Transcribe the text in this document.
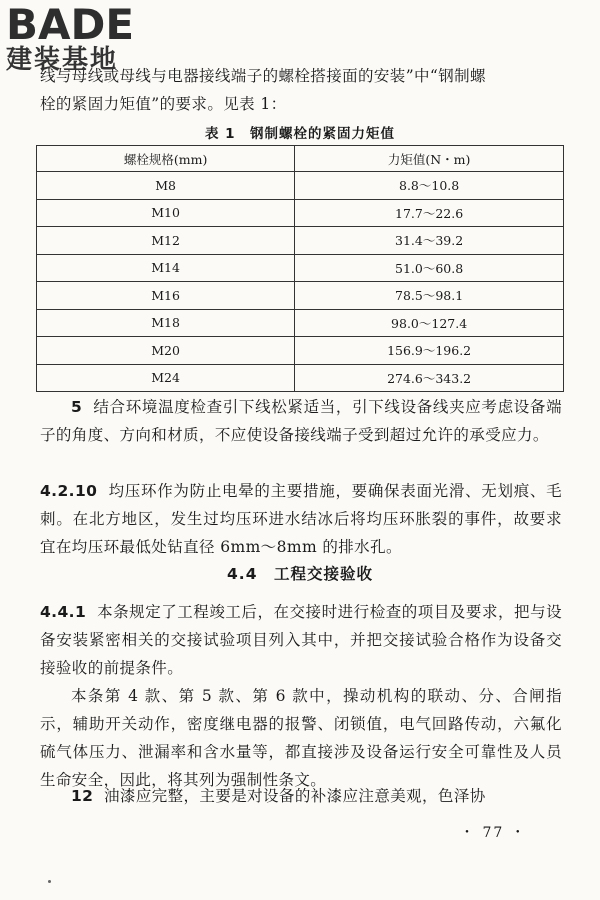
BADE
建装基地
线与母线或母线与电器接线端子的螺栓搭接面的安装”中“钢制螺
栓的紧固力矩值”的要求。见表 1：
表 1　钢制螺栓的紧固力矩值
螺栓规格(mm)	力矩值(N・m)
M8	8.8～10.8
M10	17.7～22.6
M12	31.4～39.2
M14	51.0～60.8
M16	78.5～98.1
M18	98.0～127.4
M20	156.9～196.2
M24	274.6～343.2

5 结合环境温度检查引下线松紧适当，引下线设备线夹应考虑设备端子的角度、方向和材质，不应使设备接线端子受到超过允许的承受应力。

4.2.10 均压环作为防止电晕的主要措施，要确保表面光滑、无划痕、毛刺。在北方地区，发生过均压环进水结冰后将均压环胀裂的事件，故要求宜在均压环最低处钻直径 6mm～8mm 的排水孔。

4.4　工程交接验收

4.4.1 本条规定了工程竣工后，在交接时进行检查的项目及要求，把与设备安装紧密相关的交接试验项目列入其中，并把交接试验合格作为设备交接验收的前提条件。

本条第 4 款、第 5 款、第 6 款中，操动机构的联动、分、合闸指示，辅助开关动作，密度继电器的报警、闭锁值，电气回路传动，六氟化硫气体压力、泄漏率和含水量等，都直接涉及设备运行安全可靠性及人员生命安全，因此，将其列为强制性条文。

12 油漆应完整，主要是对设备的补漆应注意美观，色泽协

・ 77 ・
